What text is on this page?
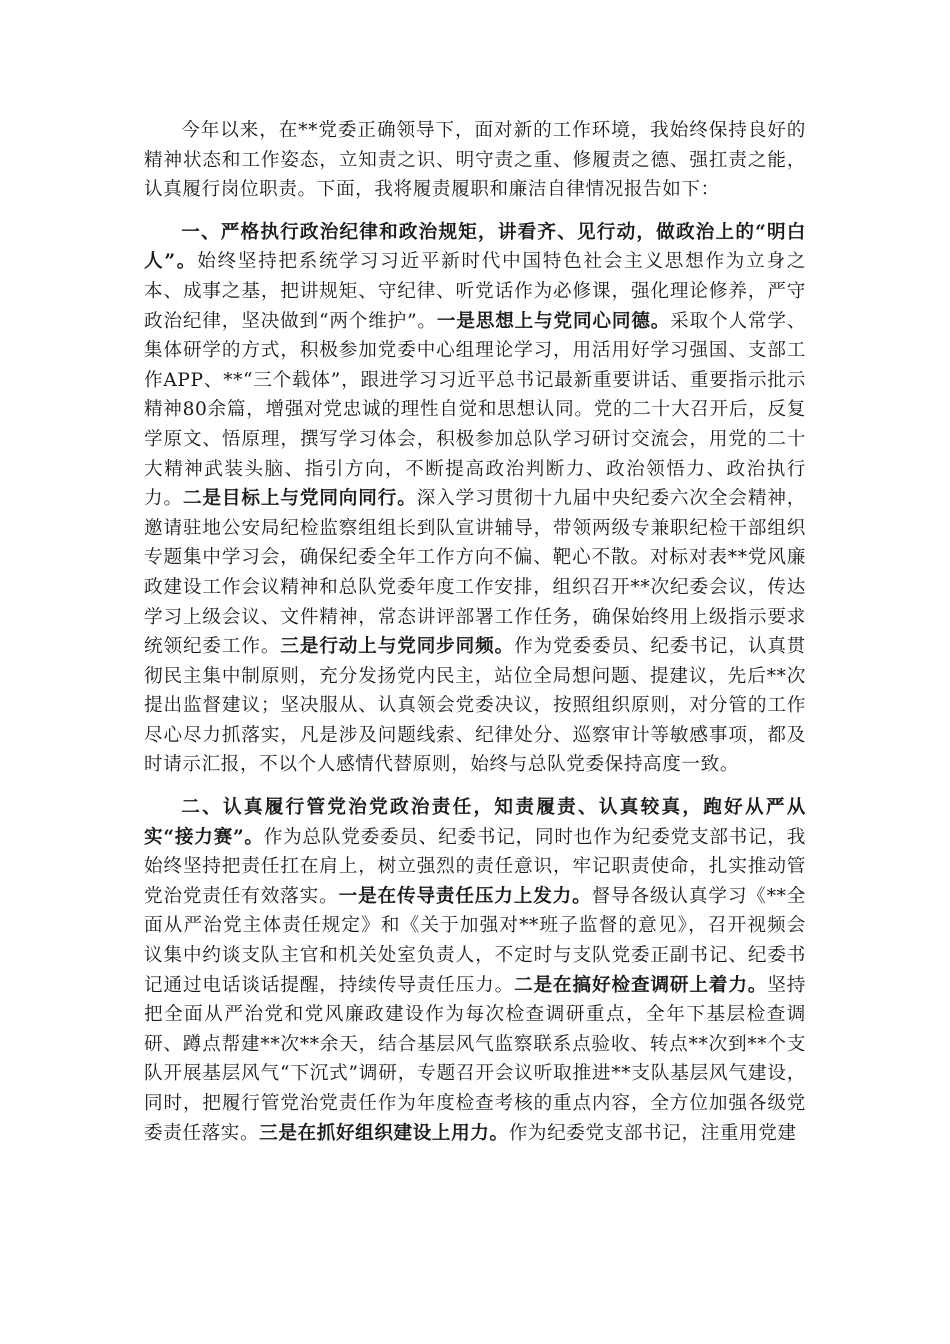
今年以来，在**党委正确领导下，面对新的工作环境，我始终保持良好的精神状态和工作姿态，立知责之识、明守责之重、修履责之德、强扛责之能，认真履行岗位职责。下面，我将履责履职和廉洁自律情况报告如下：

一、严格执行政治纪律和政治规矩，讲看齐、见行动，做政治上的“明白人”。始终坚持把系统学习习近平新时代中国特色社会主义思想作为立身之本、成事之基，把讲规矩、守纪律、听党话作为必修课，强化理论修养，严守政治纪律，坚决做到“两个维护”。一是思想上与党同心同德。采取个人常学、集体研学的方式，积极参加党委中心组理论学习，用活用好学习强国、支部工作APP、**“三个载体”，跟进学习习近平总书记最新重要讲话、重要指示批示精神80余篇，增强对党忠诚的理性自觉和思想认同。党的二十大召开后，反复学原文、悟原理，撰写学习体会，积极参加总队学习研讨交流会，用党的二十大精神武装头脑、指引方向，不断提高政治判断力、政治领悟力、政治执行力。二是目标上与党同向同行。深入学习贯彻十九届中央纪委六次全会精神，邀请驻地公安局纪检监察组组长到队宣讲辅导，带领两级专兼职纪检干部组织专题集中学习会，确保纪委全年工作方向不偏、靶心不散。对标对表**党风廉政建设工作会议精神和总队党委年度工作安排，组织召开**次纪委会议，传达学习上级会议、文件精神，常态讲评部署工作任务，确保始终用上级指示要求统领纪委工作。三是行动上与党同步同频。作为党委委员、纪委书记，认真贯彻民主集中制原则，充分发扬党内民主，站位全局想问题、提建议，先后**次提出监督建议；坚决服从、认真领会党委决议，按照组织原则，对分管的工作尽心尽力抓落实，凡是涉及问题线索、纪律处分、巡察审计等敏感事项，都及时请示汇报，不以个人感情代替原则，始终与总队党委保持高度一致。

二、认真履行管党治党政治责任，知责履责、认真较真，跑好从严从实“接力赛”。作为总队党委委员、纪委书记，同时也作为纪委党支部书记，我始终坚持把责任扛在肩上，树立强烈的责任意识，牢记职责使命，扎实推动管党治党责任有效落实。一是在传导责任压力上发力。督导各级认真学习《**全面从严治党主体责任规定》和《关于加强对**班子监督的意见》，召开视频会议集中约谈支队主官和机关处室负责人，不定时与支队党委正副书记、纪委书记通过电话谈话提醒，持续传导责任压力。二是在搞好检查调研上着力。坚持把全面从严治党和党风廉政建设作为每次检查调研重点，全年下基层检查调研、蹲点帮建**次**余天，结合基层风气监察联系点验收、转点**次到**个支队开展基层风气“下沉式”调研，专题召开会议听取推进**支队基层风气建设，同时，把履行管党治党责任作为年度检查考核的重点内容，全方位加强各级党委责任落实。三是在抓好组织建设上用力。作为纪委党支部书记，注重用党建
